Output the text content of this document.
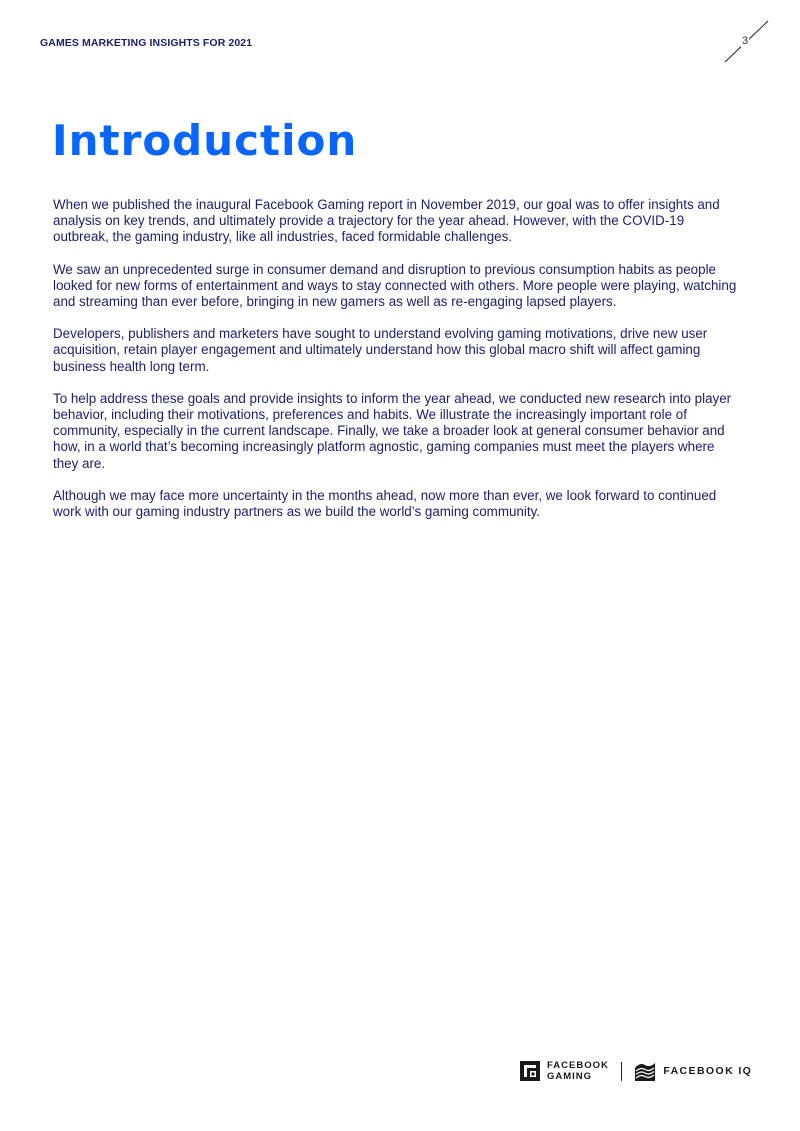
GAMES MARKETING INSIGHTS FOR 2021	3
Introduction

When we published the inaugural Facebook Gaming report in November 2019, our goal was to offer insights and analysis on key trends, and ultimately provide a trajectory for the year ahead. However, with the COVID-19 outbreak, the gaming industry, like all industries, faced formidable challenges.

We saw an unprecedented surge in consumer demand and disruption to previous consumption habits as people looked for new forms of entertainment and ways to stay connected with others. More people were playing, watching and streaming than ever before, bringing in new gamers as well as re-engaging lapsed players.

Developers, publishers and marketers have sought to understand evolving gaming motivations, drive new user acquisition, retain player engagement and ultimately understand how this global macro shift will affect gaming business health long term.

To help address these goals and provide insights to inform the year ahead, we conducted new research into player behavior, including their motivations, preferences and habits. We illustrate the increasingly important role of community, especially in the current landscape. Finally, we take a broader look at general consumer behavior and how, in a world that’s becoming increasingly platform agnostic, gaming companies must meet the players where they are.

Although we may face more uncertainty in the months ahead, now more than ever, we look forward to continued work with our gaming industry partners as we build the world’s gaming community.

FACEBOOK
GAMING	FACEBOOK IQ
